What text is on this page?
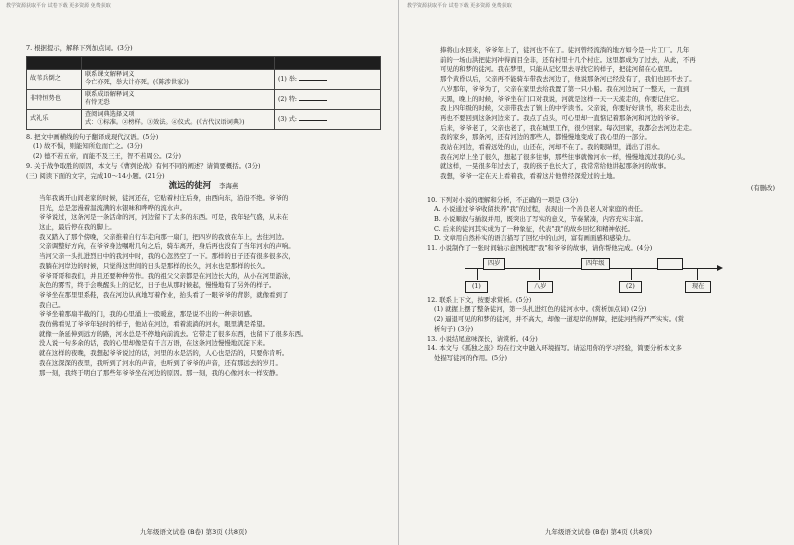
教学资源获取平台 试卷下载 更多资源 免费获取	教学资源获取平台 试卷下载 更多资源 免费获取

7. 根据提示，解释下列加点词。(3分)

故苇兵倒之	联系课文解释词义
今亡亦死，举大计亦死。(《陈涉世家》)	(1) 举:
非特恒势也	联系成语解释词义
有恃无恐	(2) 特:
式礼乐	查阅词典选择义项
式：①标准。②榜样。③效法。④仪式。(《古代汉语词典》)	(3) 式:

8. 把文中画横线的句子翻译成现代汉语。(5分)

(1) 故不惧，则能知所危而亡之。(3分)

(2) 德不若五帝，而能不及三王，智不若周公。(2分)

9. 关于战争取胜的原因，本文与《曹刿论战》有何不同的阐述？请简要概括。(3分)

(三) 阅读下面的文字，完成10～14小题。(21分)

流远的徒河 李海燕

当年我离开山间老家的时候，徒河还在，它贴着村庄后身，由西向东，沿沿不绝。爷爷的

目光，总是怎漫着温流满的水银味和哗哗的流水声。

爷爷说过，这条河是一条活命的河，河边留下了太多的东西。可是，我年轻气盛，从未在

这止，最后停在我的脚上。

我又踏入了那个傍晚，父亲推着自行车走向那一扇门，把四岁的我放在车上，去往河边。

父亲调整好方向，在爷爷身边嘱咐几句之后，骑车离开，身后再也没有了当年河水的声响。

当河父亲一头扎进烈日中的我河中时，我的心忽然空了一下。那样的日子还有很多很多次，

我躺在河岸边的时候，只觉得这世间的日头是那样的长久，河水也是那样的长久。

爷爷哥哥和我们，并且还要种种劳作。我的祖父父亲都是在河边长大的，从小在河里游泳，

灰色的雾雪，终于会唤醒头上的记忆，日子也从那时候起，慢慢地有了另外的样子。

爷爷坐在那里里系鞋，我在河边认真地写着作业，抬头看了一眼爷爷的背影，就像看到了

我自己。

爷爷坐着那扇半截的门，我的心里涌上一股暖意，那是说不出的一种亲切感。

我仿佛看见了爷爷年轻时的样子，他站在河边，看着流淌的河水，眼里满是希望。

就像一条延伸到远方的路，河水总是不停地向前流去。它带走了很多东西，也留下了很多东西。

没人说一句多余的话，我的心里却像是有千言万语，在这条河边慢慢地沉淀下来。

就在这样的夜晚，我想起爷爷说过的话，河里的水是活的，人心也是活的，只要你肯听。

我在这深深的夜里，我听到了河水的声音，也听到了爷爷的声音，还有那远去的岁月。

那一刻，我终于明白了那些年爷爷坐在河边的原因。那一刻，我的心像河水一样安静。

捧将山水回来，爷爷年上了，徒河也不在了。徒河曾经流淌的地方如今是一片工厂。几年

前的一场山洪把徒河冲得面目全非，还有村里十几个村庄。这里都成为了过去，从此，不再

可见的和梦的徒河。我在梦里，只能从记忆里去寻找它的样子，把徒河留在心底里。

那个黄昏以后，父亲再不能骑车带我去河边了，他说那条河已经没有了，我们也回不去了。

八岁那年，爷爷为了，父亲在家里去给我置了第一只小船。我在河边玩了一整天，一直到

天黑，晚上的时候，爷爷坐在门口对我说，河就是这样一天一天流走的，你要记住它。

我上四年级的时候，父亲带我去了镇上的中学读书。父亲说，你要好好读书，将来走出去，

再也不要回到这条河边来了。我点了点头，可心里却一直惦记着那条河和河边的爷爷。

后来，爷爷老了，父亲也老了，我在城里工作，很少回家。每次回家，我都会去河边走走。

我的家乡，那条河，还有河边的那些人，都慢慢地变成了我心里的一部分。

我站在河边，看着远处的山，山还在，河却不在了。我的眼睛里，涌出了泪水。

我在河岸上坐了很久，想起了很多往事，那些往事就像河水一样，慢慢地流过我的心头。

就这样，一晃很多年过去了，我的孩子也长大了，我常常给他讲起那条河的故事。

我想，爷爷一定在天上看着我，看着这片他曾经深爱过的土地。

(有删改)

10. 下列对小说的理解和分析，不正确的一项是 (3分)

A. 小说通过爷爷收留扶养"我"的过程，表现出一个善良老人对家庭的责任。

B. 小说顺叙与插叙并用，既突出了写实的意义，节奏紧凑，内容充实丰富。

C. 后来的徒河其实成为了一种象征，代表"我"的故乡回忆和精神依托。

D. 文章用自然朴实的语言描写了回忆中的山河，富有画面感和感染力。

11. 小说制作了一张时间轴示意图梳理"我"和爷爷的故事，请你帮他完成。(4分)

四岁	四年级
(1)	八岁	(2)	现在

12. 联系上下文，按要求赏析。(5分)

(1) 就握上摆了整条徒河，第一头扎进红色的徒河水中。(赏析加点词) (2分)

(2) 逼退可见的和梦的徒河，并不高大，却像一道堤岸的屏障，把徒河挡得严严实实。(赏

析句子) (3分)

13. 小说结尾意味深长，请赏析。(4分)

14. 本文与《孤独之旅》均在行文中融入环境描写。请运用你的学习经验，简要分析本文多

处描写徒河的作用。(5分)

九年级语文试卷 (B卷) 第3页 (共8页)	九年级语文试卷 (B卷) 第4页 (共8页)
